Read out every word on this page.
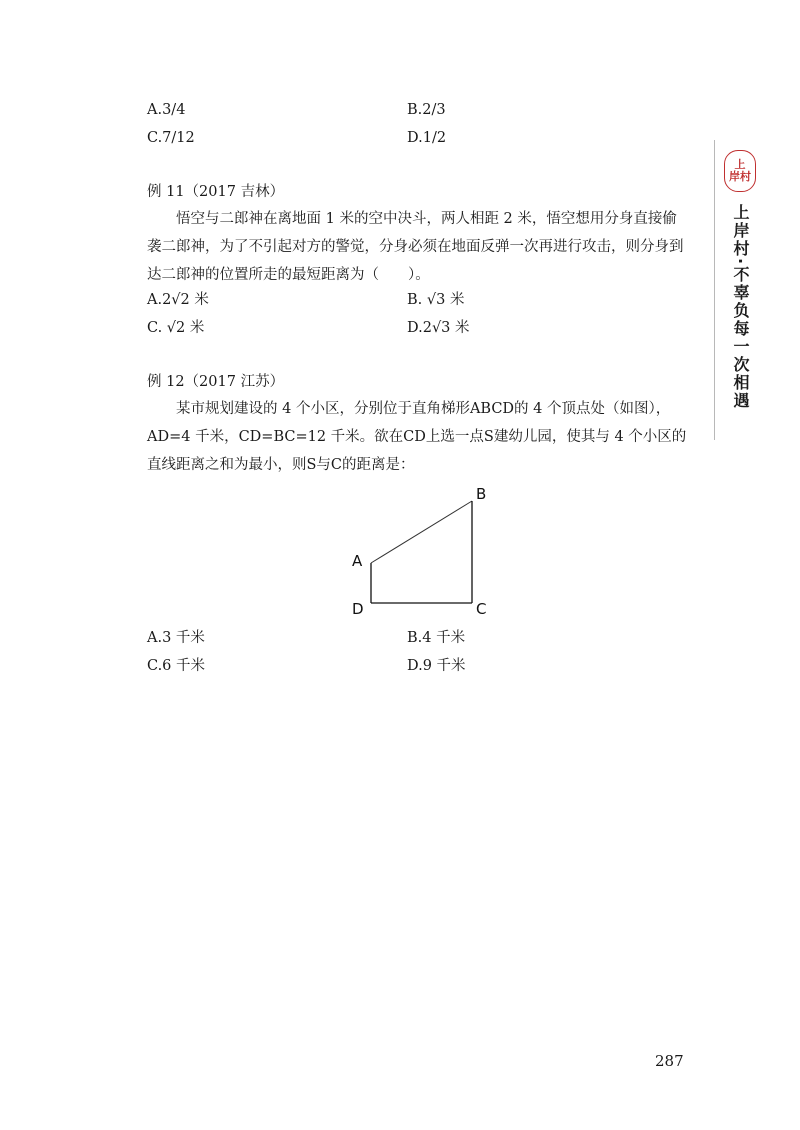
A.3/4	B.2/3
C.7/12	D.1/2
例 11（2017 吉林）
悟空与二郎神在离地面 1 米的空中决斗，两人相距 2 米，悟空想用分身直接偷袭二郎神，为了不引起对方的警觉，分身必须在地面反弹一次再进行攻击，则分身到达二郎神的位置所走的最短距离为（　　）。
A.2√2 米	B. √3 米
C. √2 米	D.2√3 米
例 12（2017 江苏）
某市规划建设的 4 个小区，分别位于直角梯形ABCD的 4 个顶点处（如图），AD=4 千米，CD=BC=12 千米。欲在CD上选一点S建幼儿园，使其与 4 个小区的直线距离之和为最小，则S与C的距离是：
A
B
C
D
A.3 千米	B.4 千米
C.6 千米	D.9 千米
上
岸村
上岸村·不辜负每一次相遇
287
